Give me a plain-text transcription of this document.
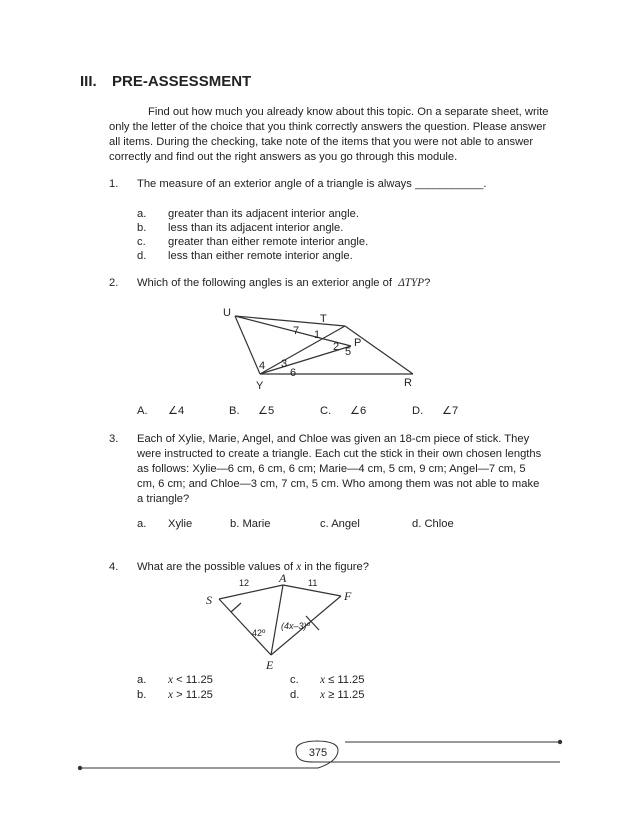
III. PRE-ASSESSMENT
Find out how much you already know about this topic. On a separate sheet, write
only the letter of the choice that you think correctly answers the question. Please answer
all items. During the checking, take note of the items that you were not able to answer
correctly and find out the right answers as you go through this module.
1. The measure of an exterior angle of a triangle is always ___________.
a. greater than its adjacent interior angle.
b. less than its adjacent interior angle.
c. greater than either remote interior angle.
d. less than either remote interior angle.
2. Which of the following angles is an exterior angle of ΔTYP?
U	T
P
Y	R
1
2
3
4
5
6
7
A. ∠4	B. ∠5	C. ∠6	D. ∠7
3. Each of Xylie, Marie, Angel, and Chloe was given an 18-cm piece of stick. They
were instructed to create a triangle. Each cut the stick in their own chosen lengths
as follows: Xylie—6 cm, 6 cm, 6 cm; Marie—4 cm, 5 cm, 9 cm; Angel—7 cm, 5
cm, 6 cm; and Chloe—3 cm, 7 cm, 5 cm. Who among them was not able to make
a triangle?
a. Xylie	b. Marie	c. Angel	d. Chloe
4. What are the possible values of x in the figure?
S
A
F
E
12	11
42º
(4x–3)º
a. x < 11.25
b. x > 11.25
c. x ≤ 11.25
d. x ≥ 11.25
375
